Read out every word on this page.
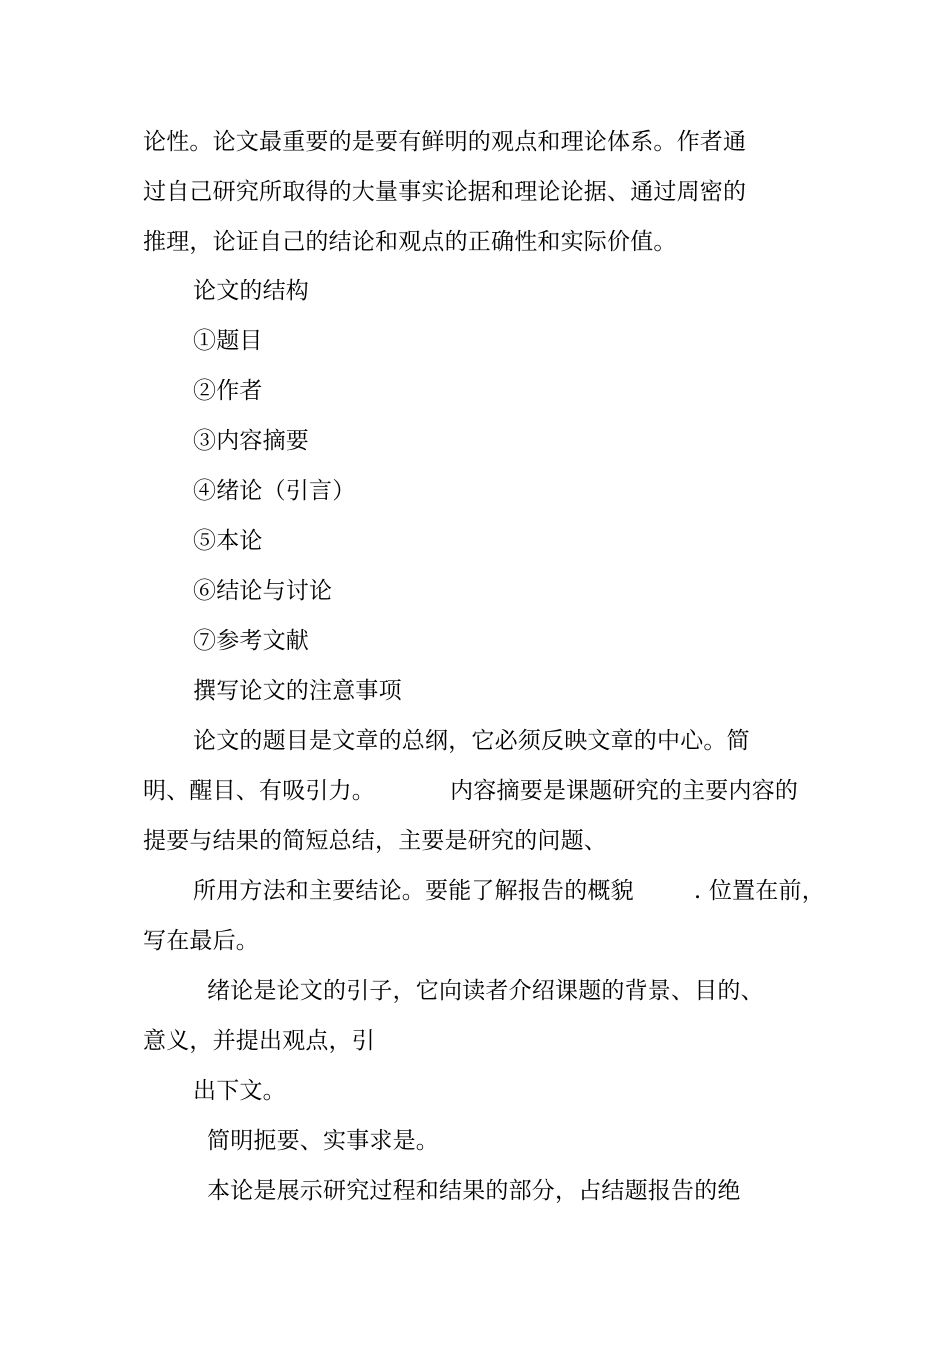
论性。论文最重要的是要有鲜明的观点和理论体系。作者通
过自己研究所取得的大量事实论据和理论论据、通过周密的
推理，论证自己的结论和观点的正确性和实际价值。
论文的结构
①题目
②作者
③内容摘要
④绪论（引言）
⑤本论
⑥结论与讨论
⑦参考文献
撰写论文的注意事项
论文的题目是文章的总纲，它必须反映文章的中心。简
明、醒目、有吸引力。          内容摘要是课题研究的主要内容的
提要与结果的简短总结，主要是研究的问题、
所用方法和主要结论。要能了解报告的概貌        . 位置在前，
写在最后。
绪论是论文的引子，它向读者介绍课题的背景、目的、
意义，并提出观点，引
出下文。
简明扼要、实事求是。
本论是展示研究过程和结果的部分，占结题报告的绝
